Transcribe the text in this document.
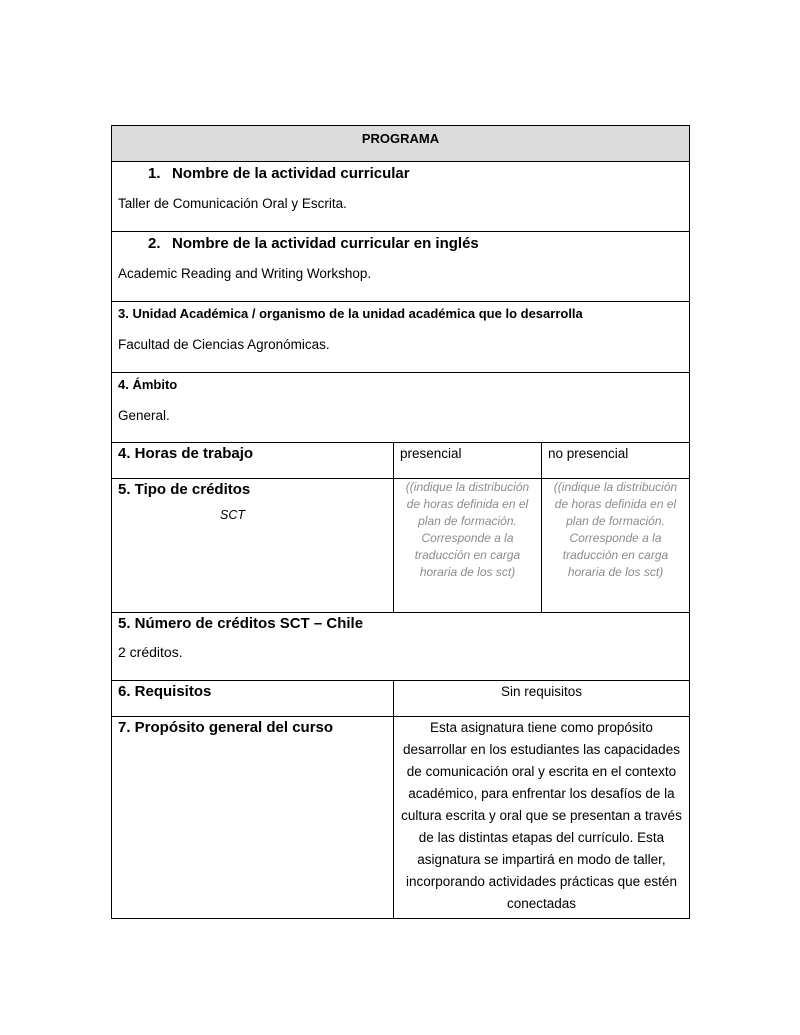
PROGRAMA		

1. Nombre de la actividad curricular
Taller de Comunicación Oral y Escrita.		

2. Nombre de la actividad curricular en inglés
Academic Reading and Writing Workshop.		

3. Unidad Académica / organismo de la unidad académica que lo desarrolla
Facultad de Ciencias Agronómicas.		

4. Ámbito
General.		

4. Horas de trabajo	presencial	no presencial

5. Tipo de créditos
SCT	((indique la distribución de horas definida en el plan de formación. Corresponde a la traducción en carga horaria de los sct)	((indique la distribución de horas definida en el plan de formación. Corresponde a la traducción en carga horaria de los sct)

5. Número de créditos SCT – Chile
2 créditos.		

6. Requisitos	Sin requisitos	

7. Propósito general del curso	Esta asignatura tiene como propósito desarrollar en los estudiantes las capacidades de comunicación oral y escrita en el contexto académico, para enfrentar los desafíos de la cultura escrita y oral que se presentan a través de las distintas etapas del currículo. Esta asignatura se impartirá en modo de taller, incorporando actividades prácticas que estén conectadas	
